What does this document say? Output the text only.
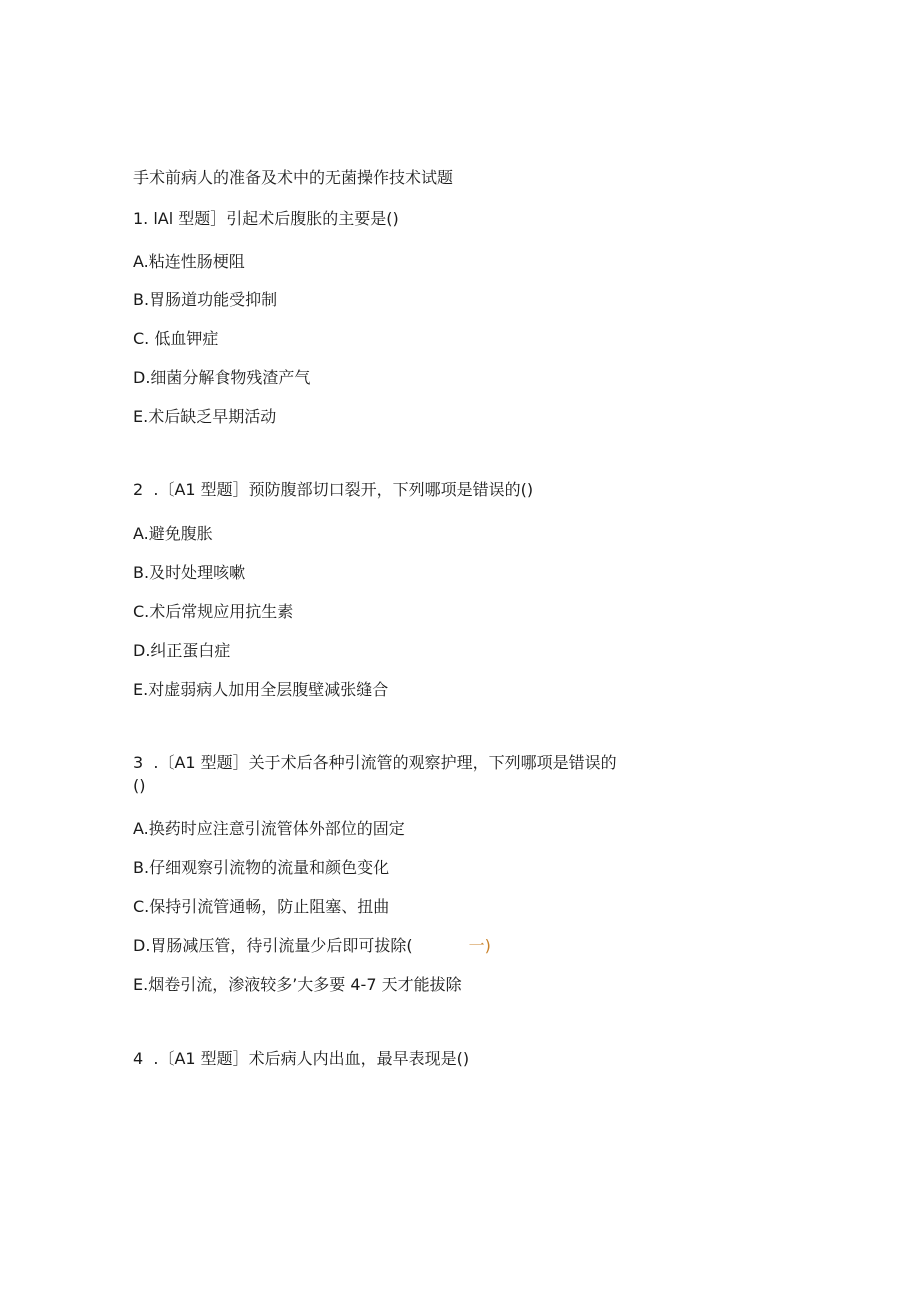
手术前病人的准备及术中的无菌操作技术试题
1. lAl 型题］引起术后腹胀的主要是()
A.粘连性肠梗阻
B.胃肠道功能受抑制
C. 低血钾症
D.细菌分解食物残渣产气
E.术后缺乏早期活动
2  .〔A1 型题］预防腹部切口裂开，下列哪项是错误的()
A.避免腹胀
B.及时处理咳嗽
C.术后常规应用抗生素
D.纠正蛋白症
E.对虚弱病人加用全层腹壁减张缝合
3  .〔A1 型题］关于术后各种引流管的观察护理，下列哪项是错误的
()
A.换药时应注意引流管体外部位的固定
B.仔细观察引流物的流量和颜色变化
C.保持引流管通畅，防止阻塞、扭曲
D.胃肠减压管，待引流量少后即可拔除(	一)
E.烟卷引流，渗液较多’大多要 4-7 天才能拔除
4  .〔A1 型题］术后病人内出血，最早表现是()
